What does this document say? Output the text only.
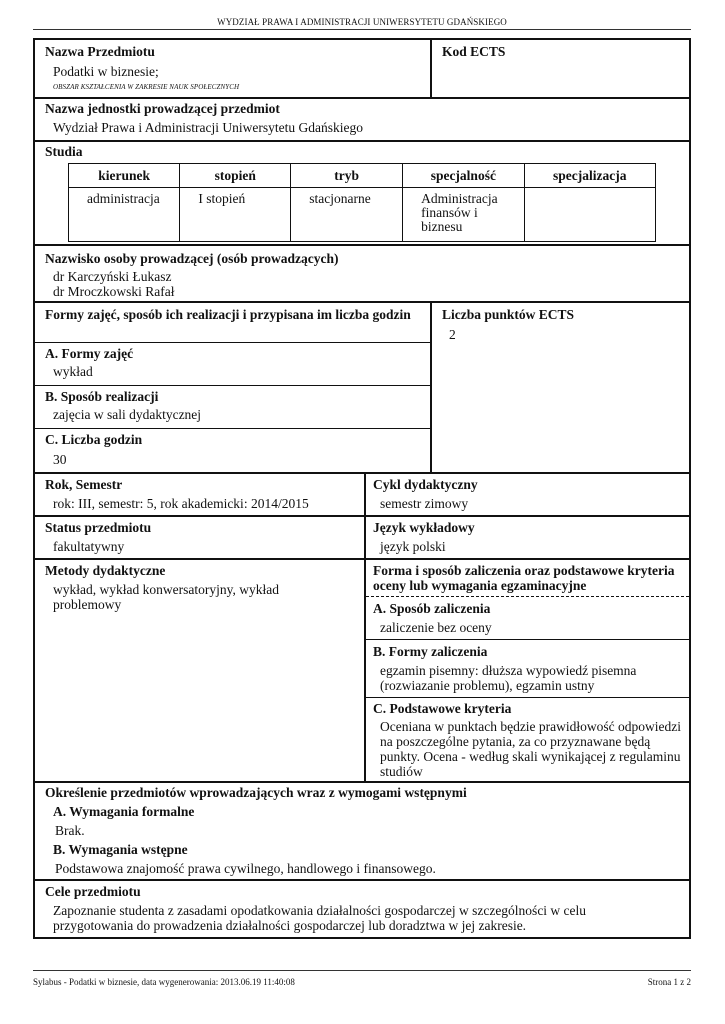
WYDZIAŁ PRAWA I ADMINISTRACJI UNIWERSYTETU GDAŃSKIEGO
Nazwa Przedmiotu
Podatki w biznesie;
OBSZAR KSZTAŁCENIA W ZAKRESIE NAUK SPOŁECZNYCH
Kod ECTS
Nazwa jednostki prowadzącej przedmiot
Wydział Prawa i Administracji Uniwersytetu Gdańskiego
Studia
kierunek	stopień	tryb	specjalność	specjalizacja
administracja	I stopień	stacjonarne	Administracja finansów i biznesu	
Nazwisko osoby prowadzącej (osób prowadzących)
dr Karczyński Łukasz
dr Mroczkowski Rafał
Formy zajęć, sposób ich realizacji i przypisana im liczba godzin
A. Formy zajęć
wykład
B. Sposób realizacji
zajęcia w sali dydaktycznej
C. Liczba godzin
30
Liczba punktów ECTS
2
Rok, Semestr
rok: III, semestr: 5, rok akademicki: 2014/2015
Cykl dydaktyczny
semestr zimowy
Status przedmiotu
fakultatywny
Język wykładowy
język polski
Metody dydaktyczne
wykład, wykład konwersatoryjny, wykład problemowy
Forma i sposób zaliczenia oraz podstawowe kryteria oceny lub wymagania egzaminacyjne
A. Sposób zaliczenia
zaliczenie bez oceny
B. Formy zaliczenia
egzamin pisemny: dłuższa wypowiedź pisemna (rozwiazanie problemu), egzamin ustny
C. Podstawowe kryteria
Oceniana w punktach będzie prawidłowość odpowiedzi na poszczególne pytania, za co przyznawane będą punkty. Ocena - według skali wynikającej z regulaminu studiów
Określenie przedmiotów wprowadzających wraz z wymogami wstępnymi
A. Wymagania formalne
Brak.
B. Wymagania wstępne
Podstawowa znajomość prawa cywilnego, handlowego i finansowego.
Cele przedmiotu
Zapoznanie studenta z zasadami opodatkowania działalności gospodarczej w szczególności w celu przygotowania do prowadzenia działalności gospodarczej lub doradztwa w jej zakresie.
Sylabus - Podatki w biznesie, data wygenerowania: 2013.06.19 11:40:08	Strona 1 z 2
